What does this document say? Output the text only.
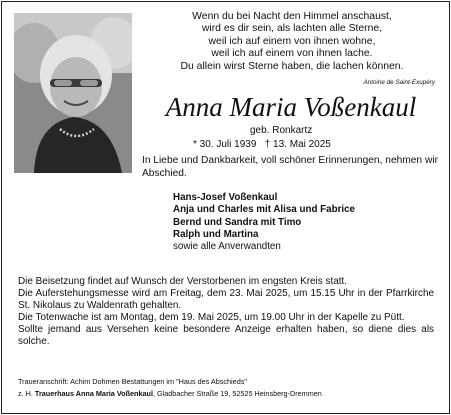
Wenn du bei Nacht den Himmel anschaust,
wird es dir sein, als lachten alle Sterne,
weil ich auf einem von ihnen wohne,
weil ich auf einem von ihnen lache.
Du allein wirst Sterne haben, die lachen können.
Antoine de Saint-Exupéry
Anna Maria Voßenkaul
geb. Ronkartz
* 30. Juli 1939   † 13. Mai 2025
In Liebe und Dankbarkeit, voll schöner Erinnerungen, nehmen wir Abschied.
Hans-Josef Voßenkaul
Anja und Charles mit Alisa und Fabrice
Bernd und Sandra mit Timo
Ralph und Martina
sowie alle Anverwandten

Die Beisetzung findet auf Wunsch der Verstorbenen im engsten Kreis statt.

Die Auferstehungsmesse wird am Freitag, dem 23. Mai 2025, um 15.15 Uhr in der Pfarrkirche St. Nikolaus zu Waldenrath gehalten.

Die Totenwache ist am Montag, dem 19. Mai 2025, um 19.00 Uhr in der Kapelle zu Pütt.

Sollte jemand aus Versehen keine besondere Anzeige erhalten haben, so diene dies als solche.

Traueranschrift: Achim Dohmen Bestattungen im "Haus des Abschieds"
z. H. Trauerhaus Anna Maria Voßenkaul, Gladbacher Straße 19, 52525 Heinsberg-Dremmen
